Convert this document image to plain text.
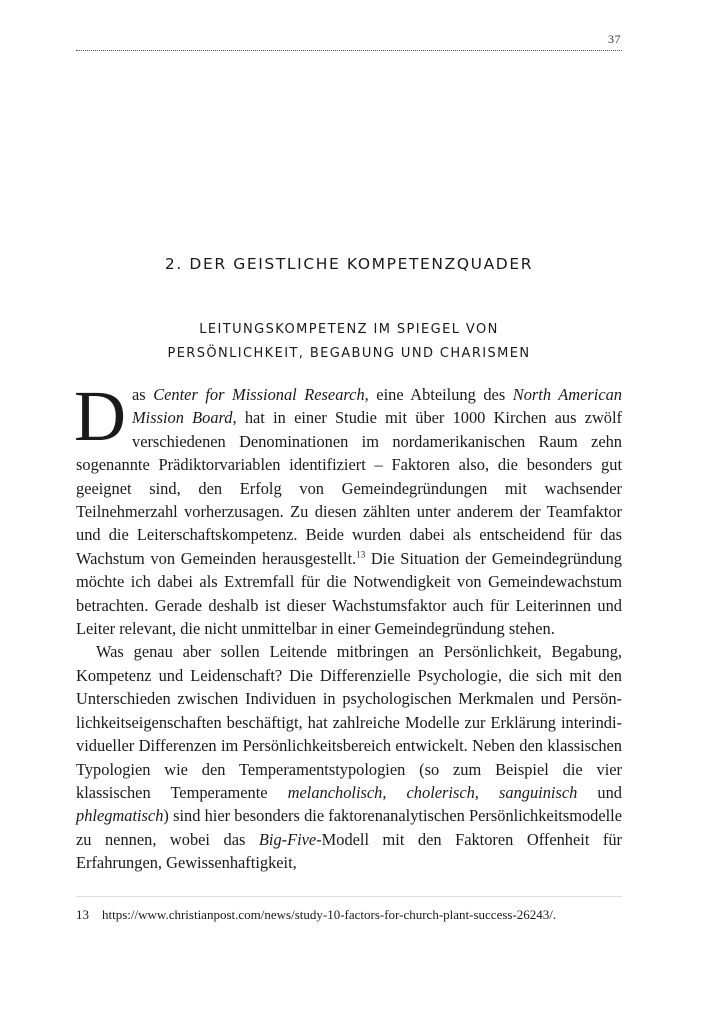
37
2. DER GEISTLICHE KOMPETENZQUADER
LEITUNGSKOMPETENZ IM SPIEGEL VON
PERSÖNLICHKEIT, BEGABUNG UND CHARISMEN

Das Center for Missional Research, eine Abteilung des North American Mission Board, hat in einer Studie mit über 1000 Kirchen aus zwölf verschiedenen Denominationen im nordamerikanischen Raum zehn sogenannte Prädiktorvariablen identifiziert – Faktoren also, die besonders gut geeignet sind, den Erfolg von Gemeindegründungen mit wachsender Teilnehmerzahl vorherzusagen. Zu diesen zählten unter anderem der Teamfaktor und die Leiterschaftskompetenz. Beide wurden dabei als entscheidend für das Wachstum von Gemeinden herausgestellt.$^{13}$ Die Situation der Gemeindegründung möchte ich dabei als Extremfall für die Notwendigkeit von Gemeindewachstum betrachten. Gerade deshalb ist dieser Wachstumsfaktor auch für Leiterinnen und Leiter relevant, die nicht unmittelbar in einer Gemeindegründung stehen.

Was genau aber sollen Leitende mitbringen an Persönlichkeit, Begabung, Kompetenz und Leidenschaft? Die Differenzielle Psychologie, die sich mit den Unterschieden zwischen Individuen in psychologischen Merkmalen und Persönlichkeitseigenschaften beschäftigt, hat zahlreiche Modelle zur Erklärung interindividueller Differenzen im Persönlichkeitsbereich entwickelt. Neben den klassischen Typologien wie den Temperamentstypologien (so zum Beispiel die vier klassischen Temperamente melancholisch, cholerisch, sanguinisch und phlegmatisch) sind hier besonders die faktorenanalytischen Persönlichkeitsmodelle zu nennen, wobei das Big-Five-Modell mit den Faktoren Offenheit für Erfahrungen, Gewissenhaftigkeit,

13 https://www.christianpost.com/news/study-10-factors-for-church-plant-success-26243/.
